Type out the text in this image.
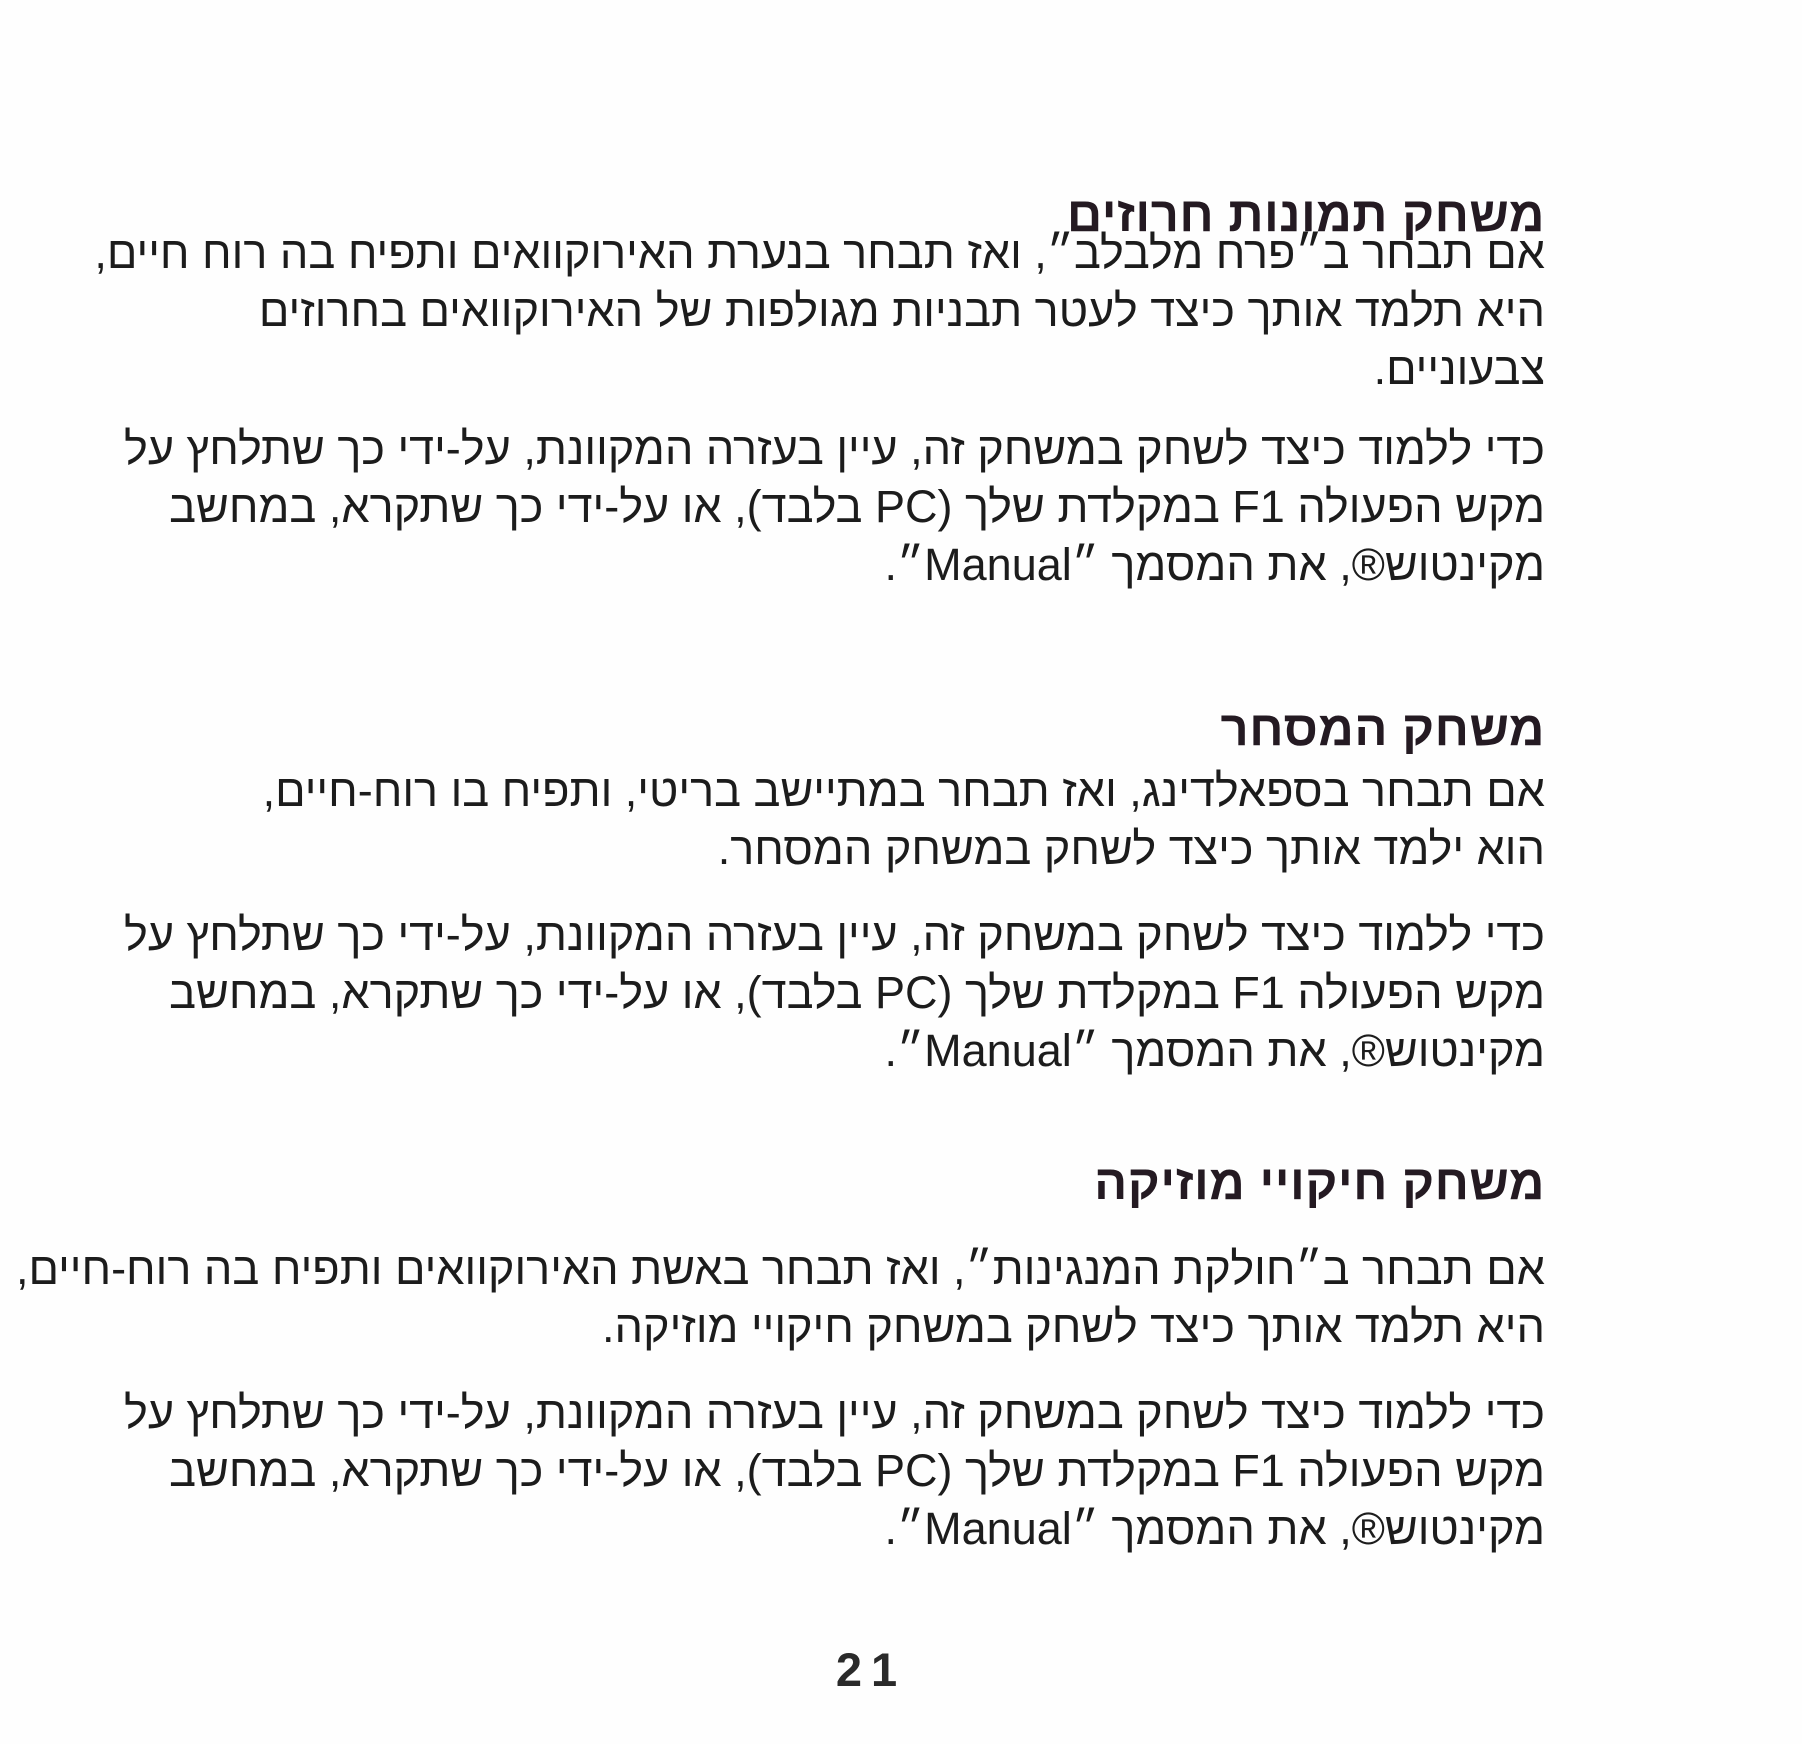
משחק תמונות חרוזים
אם תבחר ב״פרח מלבלב״, ואז תבחר בנערת האירוקוואים ותפיח בה רוח חיים,
היא תלמד אותך כיצד לעטר תבניות מגולפות של האירוקוואים בחרוזים
צבעוניים.
כדי ללמוד כיצד לשחק במשחק זה, עיין בעזרה המקוונת, על-ידי כך שתלחץ על
מקש הפעולה F1 במקלדת שלך (PC בלבד), או על-ידי כך שתקרא, במחשב
מקינטוש®, את המסמך ״Manual״.
משחק המסחר
אם תבחר בספאלדינג, ואז תבחר במתיישב בריטי, ותפיח בו רוח-חיים,
הוא ילמד אותך כיצד לשחק במשחק המסחר.
כדי ללמוד כיצד לשחק במשחק זה, עיין בעזרה המקוונת, על-ידי כך שתלחץ על
מקש הפעולה F1 במקלדת שלך (PC בלבד), או על-ידי כך שתקרא, במחשב
מקינטוש®, את המסמך ״Manual״.
משחק חיקויי מוזיקה
אם תבחר ב״חולקת המנגינות״, ואז תבחר באשת האירוקוואים ותפיח בה רוח-חיים,
היא תלמד אותך כיצד לשחק במשחק חיקויי מוזיקה.
כדי ללמוד כיצד לשחק במשחק זה, עיין בעזרה המקוונת, על-ידי כך שתלחץ על
מקש הפעולה F1 במקלדת שלך (PC בלבד), או על-ידי כך שתקרא, במחשב
מקינטוש®, את המסמך ״Manual״.
21
